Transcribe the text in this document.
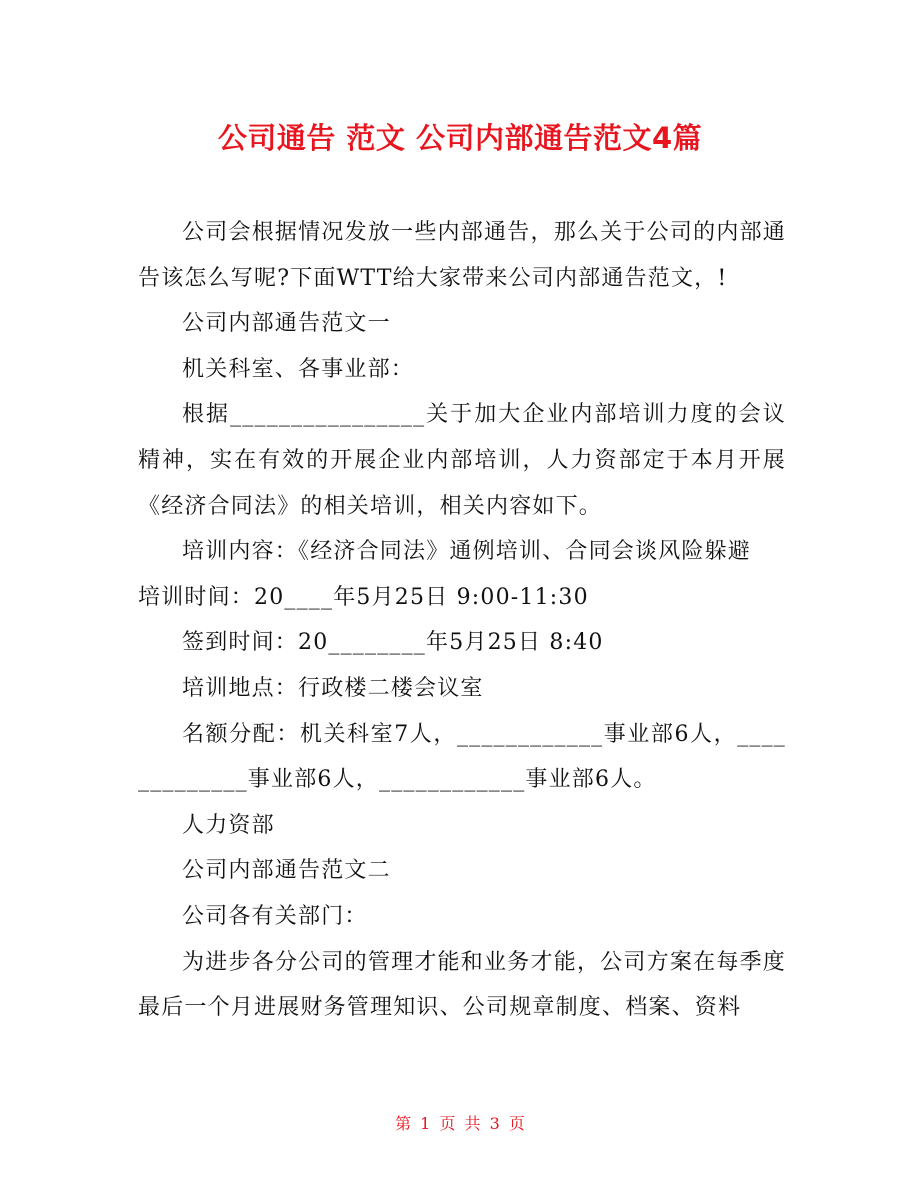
公司通告 范文 公司内部通告范文4篇

公司会根据情况发放一些内部通告，那么关于公司的内部通告该怎么写呢?下面WTT给大家带来公司内部通告范文，!

公司内部通告范文一

机关科室、各事业部：

根据________________关于加大企业内部培训力度的会议精神，实在有效的开展企业内部培训，人力资部定于本月开展《经济合同法》的相关培训，相关内容如下。

培训内容：《经济合同法》通例培训、合同会谈风险躲避

培训时间：20____年5月25日 9:00-11:30

签到时间：20________年5月25日 8:40

培训地点：行政楼二楼会议室

名额分配：机关科室7人，____________事业部6人，_____________事业部6人，____________事业部6人。

人力资部

公司内部通告范文二

公司各有关部门：

为进步各分公司的管理才能和业务才能，公司方案在每季度最后一个月进展财务管理知识、公司规章制度、档案、资料

第 1 页 共 3 页
